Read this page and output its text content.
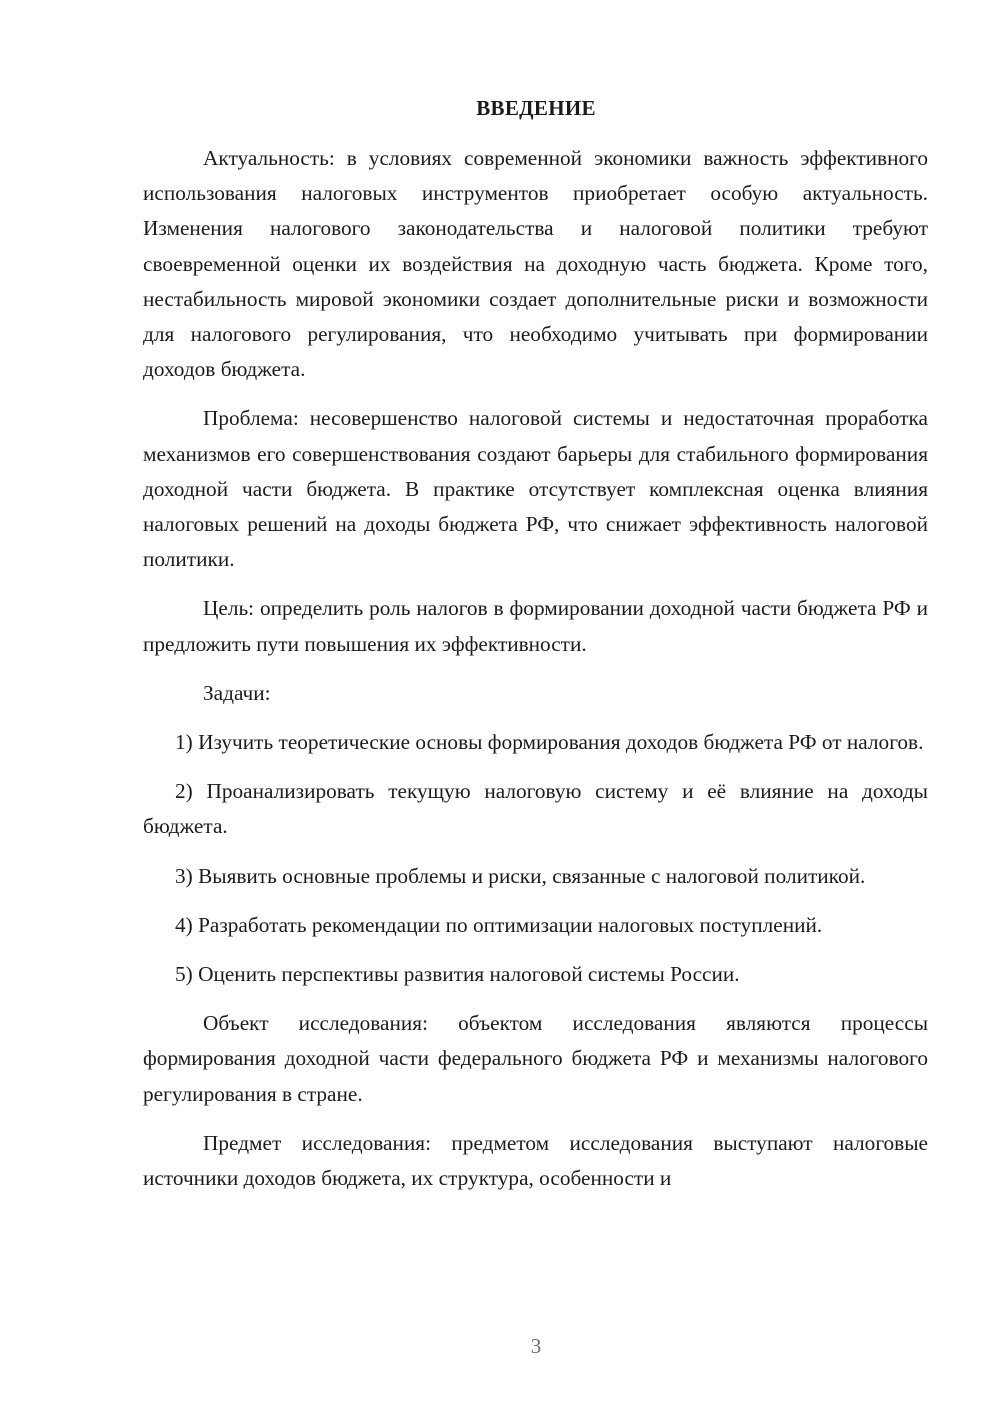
ВВЕДЕНИЕ

Актуальность: в условиях современной экономики важность эффективного использования налоговых инструментов приобретает особую актуальность. Изменения налогового законодательства и налоговой политики требуют своевременной оценки их воздействия на доходную часть бюджета. Кроме того, нестабильность мировой экономики создает дополнительные риски и возможности для налогового регулирования, что необходимо учитывать при формировании доходов бюджета.

Проблема: несовершенство налоговой системы и недостаточная проработка механизмов его совершенствования создают барьеры для стабильного формирования доходной части бюджета. В практике отсутствует комплексная оценка влияния налоговых решений на доходы бюджета РФ, что снижает эффективность налоговой политики.

Цель: определить роль налогов в формировании доходной части бюджета РФ и предложить пути повышения их эффективности.

Задачи:

1) Изучить теоретические основы формирования доходов бюджета РФ от налогов.

2) Проанализировать текущую налоговую систему и её влияние на доходы бюджета.

3) Выявить основные проблемы и риски, связанные с налоговой политикой.

4) Разработать рекомендации по оптимизации налоговых поступлений.

5) Оценить перспективы развития налоговой системы России.

Объект исследования: объектом исследования являются процессы формирования доходной части федерального бюджета РФ и механизмы налогового регулирования в стране.

Предмет исследования: предметом исследования выступают налоговые источники доходов бюджета, их структура, особенности и

3
